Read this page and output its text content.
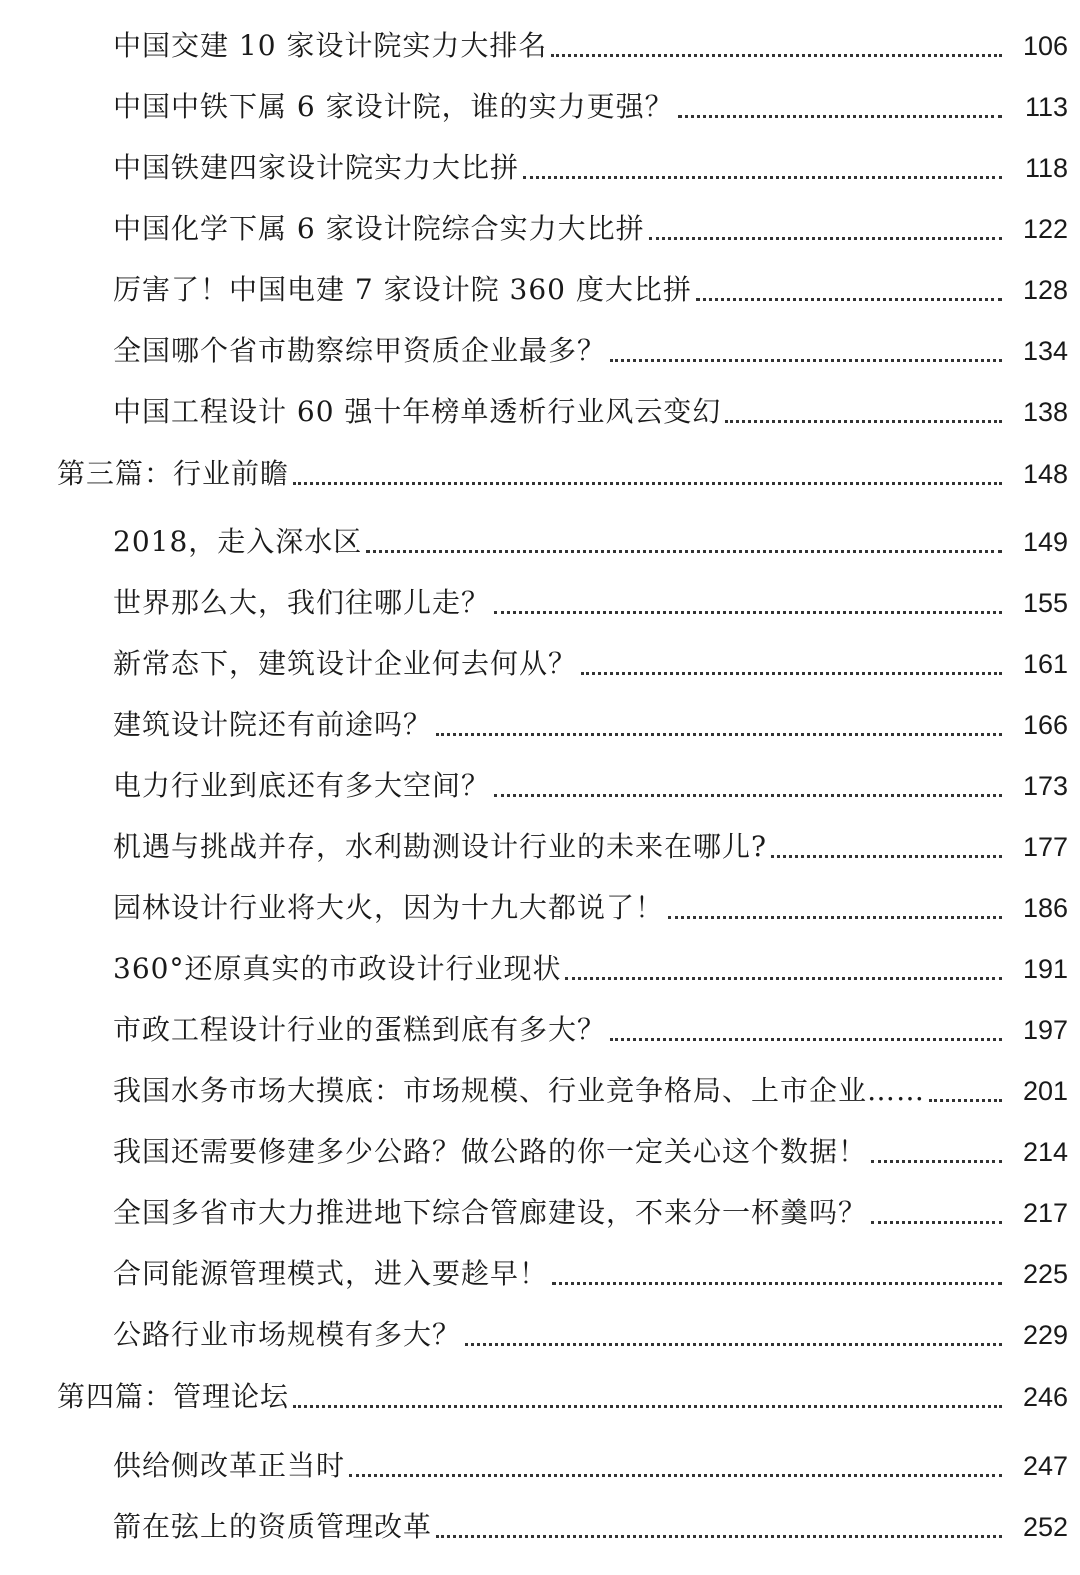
中国交建 10 家设计院实力大排名	106
中国中铁下属 6 家设计院，谁的实力更强？	113
中国铁建四家设计院实力大比拼	118
中国化学下属 6 家设计院综合实力大比拼	122
厉害了！中国电建 7 家设计院 360 度大比拼	128
全国哪个省市勘察综甲资质企业最多？	134
中国工程设计 60 强十年榜单透析行业风云变幻	138
第三篇：行业前瞻	148
2018，走入深水区	149
世界那么大，我们往哪儿走？	155
新常态下，建筑设计企业何去何从？	161
建筑设计院还有前途吗？	166
电力行业到底还有多大空间？	173
机遇与挑战并存，水利勘测设计行业的未来在哪儿?	177
园林设计行业将大火，因为十九大都说了！	186
360°还原真实的市政设计行业现状	191
市政工程设计行业的蛋糕到底有多大？	197
我国水务市场大摸底：市场规模、行业竞争格局、上市企业……	201
我国还需要修建多少公路？做公路的你一定关心这个数据！	214
全国多省市大力推进地下综合管廊建设，不来分一杯羹吗？	217
合同能源管理模式，进入要趁早！	225
公路行业市场规模有多大？	229
第四篇：管理论坛	246
供给侧改革正当时	247
箭在弦上的资质管理改革	252
